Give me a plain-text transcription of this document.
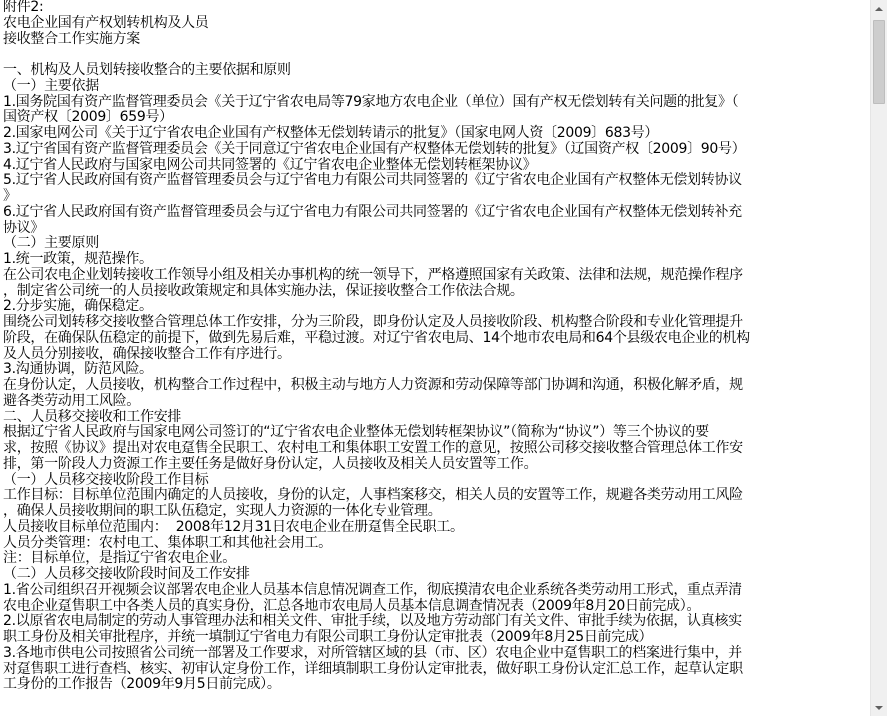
附件2:
农电企业国有产权划转机构及人员
接收整合工作实施方案
一、机构及人员划转接收整合的主要依据和原则
（一）主要依据
1.国务院国有资产监督管理委员会《关于辽宁省农电局等79家地方农电企业（单位）国有产权无偿划转有关问题的批复》（
国资产权〔2009〕659号）
2.国家电网公司《关于辽宁省农电企业国有产权整体无偿划转请示的批复》（国家电网人资〔2009〕683号）
3.辽宁省国有资产监督管理委员会《关于同意辽宁省农电企业国有产权整体无偿划转的批复》（辽国资产权〔2009〕90号）
4.辽宁省人民政府与国家电网公司共同签署的《辽宁省农电企业整体无偿划转框架协议》
5.辽宁省人民政府国有资产监督管理委员会与辽宁省电力有限公司共同签署的《辽宁省农电企业国有产权整体无偿划转协议
》
6.辽宁省人民政府国有资产监督管理委员会与辽宁省电力有限公司共同签署的《辽宁省农电企业国有产权整体无偿划转补充
协议》
（二）主要原则
1.统一政策，规范操作。
在公司农电企业划转接收工作领导小组及相关办事机构的统一领导下，严格遵照国家有关政策、法律和法规，规范操作程序
，制定省公司统一的人员接收政策规定和具体实施办法，保证接收整合工作依法合规。
2.分步实施，确保稳定。
围绕公司划转移交接收整合管理总体工作安排，分为三阶段，即身份认定及人员接收阶段、机构整合阶段和专业化管理提升
阶段，在确保队伍稳定的前提下，做到先易后难，平稳过渡。对辽宁省农电局、14个地市农电局和64个县级农电企业的机构
及人员分别接收，确保接收整合工作有序进行。
3.沟通协调，防范风险。
在身份认定，人员接收，机构整合工作过程中，积极主动与地方人力资源和劳动保障等部门协调和沟通，积极化解矛盾，规
避各类劳动用工风险。
二、人员移交接收和工作安排
根据辽宁省人民政府与国家电网公司签订的“辽宁省农电企业整体无偿划转框架协议”（简称为“协议”）等三个协议的要
求，按照《协议》提出对农电趸售全民职工、农村电工和集体职工安置工作的意见，按照公司移交接收整合管理总体工作安
排，第一阶段人力资源工作主要任务是做好身份认定，人员接收及相关人员安置等工作。
（一）人员移交接收阶段工作目标
工作目标：目标单位范围内确定的人员接收，身份的认定，人事档案移交，相关人员的安置等工作，规避各类劳动用工风险
，确保人员接收期间的职工队伍稳定，实现人力资源的一体化专业管理。
人员接收目标单位范围内：  2008年12月31日农电企业在册趸售全民职工。
人员分类管理：农村电工、集体职工和其他社会用工。
注：目标单位，是指辽宁省农电企业。
（二）人员移交接收阶段时间及工作安排
1.省公司组织召开视频会议部署农电企业人员基本信息情况调查工作，彻底摸清农电企业系统各类劳动用工形式，重点弄清
农电企业趸售职工中各类人员的真实身份，汇总各地市农电局人员基本信息调查情况表（2009年8月20日前完成）。
2.以原省农电局制定的劳动人事管理办法和相关文件、审批手续，以及地方劳动部门有关文件、审批手续为依据，认真核实
职工身份及相关审批程序，并统一填制辽宁省电力有限公司职工身份认定审批表（2009年8月25日前完成）
3.各地市供电公司按照省公司统一部署及工作要求，对所管辖区域的县（市、区）农电企业中趸售职工的档案进行集中，并
对趸售职工进行查档、核实、初审认定身份工作，详细填制职工身份认定审批表，做好职工身份认定汇总工作，起草认定职
工身份的工作报告（2009年9月5日前完成）。
